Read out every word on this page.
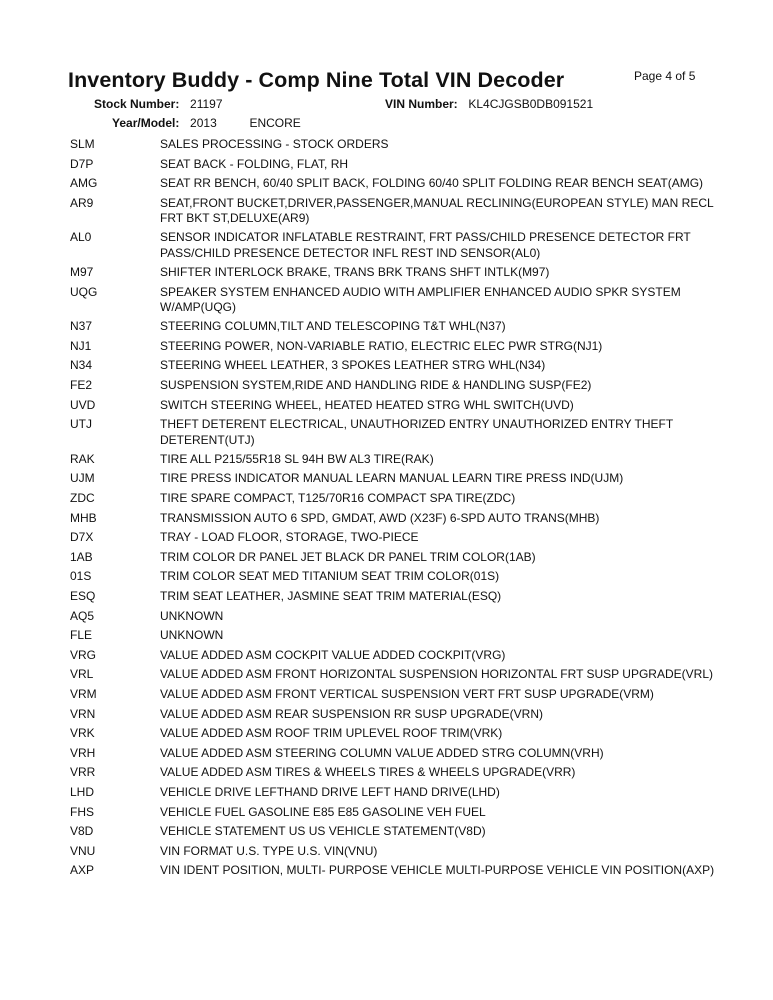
Inventory Buddy - Comp Nine Total VIN Decoder	Page 4 of 5
Stock Number: 21197	VIN Number: KL4CJGSB0DB091521
Year/Model: 2013	ENCORE
SLM	SALES PROCESSING - STOCK ORDERS
D7P	SEAT BACK - FOLDING, FLAT, RH
AMG	SEAT RR BENCH, 60/40 SPLIT BACK, FOLDING 60/40 SPLIT FOLDING REAR BENCH SEAT(AMG)
AR9	SEAT,FRONT BUCKET,DRIVER,PASSENGER,MANUAL RECLINING(EUROPEAN STYLE) MAN RECL FRT BKT ST,DELUXE(AR9)
AL0	SENSOR INDICATOR INFLATABLE RESTRAINT, FRT PASS/CHILD PRESENCE DETECTOR FRT PASS/CHILD PRESENCE DETECTOR INFL REST IND SENSOR(AL0)
M97	SHIFTER INTERLOCK BRAKE, TRANS BRK TRANS SHFT INTLK(M97)
UQG	SPEAKER SYSTEM ENHANCED AUDIO WITH AMPLIFIER ENHANCED AUDIO SPKR SYSTEM W/AMP(UQG)
N37	STEERING COLUMN,TILT AND TELESCOPING T&T WHL(N37)
NJ1	STEERING POWER, NON-VARIABLE RATIO, ELECTRIC ELEC PWR STRG(NJ1)
N34	STEERING WHEEL LEATHER, 3 SPOKES LEATHER STRG WHL(N34)
FE2	SUSPENSION SYSTEM,RIDE AND HANDLING RIDE & HANDLING SUSP(FE2)
UVD	SWITCH STEERING WHEEL, HEATED HEATED STRG WHL SWITCH(UVD)
UTJ	THEFT DETERENT ELECTRICAL, UNAUTHORIZED ENTRY UNAUTHORIZED ENTRY THEFT DETERENT(UTJ)
RAK	TIRE ALL P215/55R18 SL 94H BW AL3 TIRE(RAK)
UJM	TIRE PRESS INDICATOR MANUAL LEARN MANUAL LEARN TIRE PRESS IND(UJM)
ZDC	TIRE SPARE COMPACT, T125/70R16 COMPACT SPA TIRE(ZDC)
MHB	TRANSMISSION AUTO 6 SPD, GMDAT, AWD (X23F) 6-SPD AUTO TRANS(MHB)
D7X	TRAY - LOAD FLOOR, STORAGE, TWO-PIECE
1AB	TRIM COLOR DR PANEL JET BLACK DR PANEL TRIM COLOR(1AB)
01S	TRIM COLOR SEAT MED TITANIUM SEAT TRIM COLOR(01S)
ESQ	TRIM SEAT LEATHER, JASMINE SEAT TRIM MATERIAL(ESQ)
AQ5	UNKNOWN
FLE	UNKNOWN
VRG	VALUE ADDED ASM COCKPIT VALUE ADDED COCKPIT(VRG)
VRL	VALUE ADDED ASM FRONT HORIZONTAL SUSPENSION HORIZONTAL FRT SUSP UPGRADE(VRL)
VRM	VALUE ADDED ASM FRONT VERTICAL SUSPENSION VERT FRT SUSP UPGRADE(VRM)
VRN	VALUE ADDED ASM REAR SUSPENSION RR SUSP UPGRADE(VRN)
VRK	VALUE ADDED ASM ROOF TRIM UPLEVEL ROOF TRIM(VRK)
VRH	VALUE ADDED ASM STEERING COLUMN VALUE ADDED STRG COLUMN(VRH)
VRR	VALUE ADDED ASM TIRES & WHEELS TIRES & WHEELS UPGRADE(VRR)
LHD	VEHICLE DRIVE LEFTHAND DRIVE LEFT HAND DRIVE(LHD)
FHS	VEHICLE FUEL GASOLINE E85 E85 GASOLINE VEH FUEL
V8D	VEHICLE STATEMENT US US VEHICLE STATEMENT(V8D)
VNU	VIN FORMAT U.S. TYPE U.S. VIN(VNU)
AXP	VIN IDENT POSITION, MULTI- PURPOSE VEHICLE MULTI-PURPOSE VEHICLE VIN POSITION(AXP)
